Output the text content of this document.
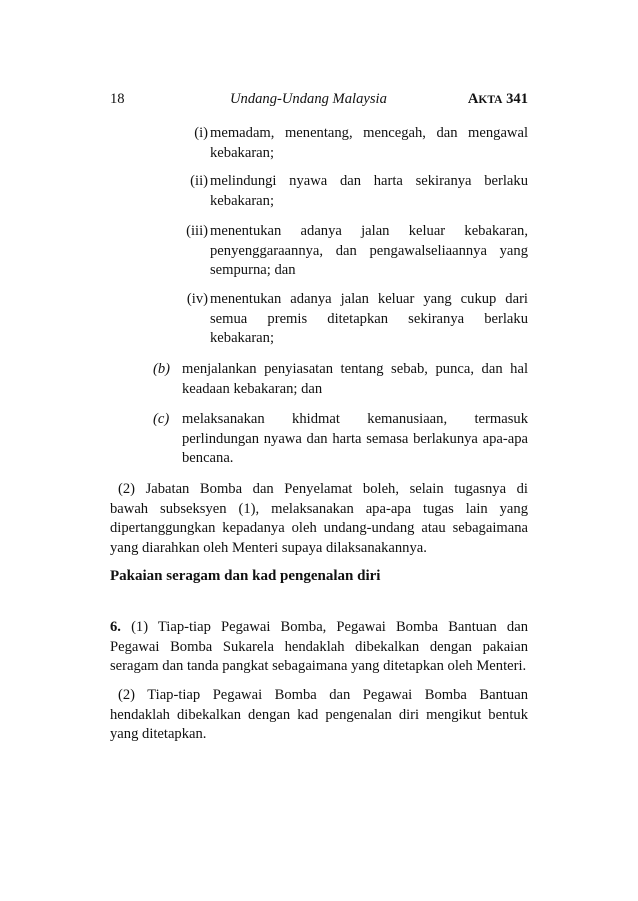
18	Undang-Undang Malaysia	AKTA 341
(i) memadam, menentang, mencegah, dan mengawal
kebakaran;
(ii) melindungi nyawa dan harta sekiranya berlaku
kebakaran;
(iii) menentukan adanya jalan keluar kebakaran,
penyenggaraannya, dan pengawalseliaannya yang
sempurna; dan
(iv) menentukan adanya jalan keluar yang cukup dari
semua premis ditetapkan sekiranya berlaku
kebakaran;
(b) menjalankan penyiasatan tentang sebab, punca, dan hal
keadaan kebakaran; dan
(c) melaksanakan khidmat kemanusiaan, termasuk
perlindungan nyawa dan harta semasa berlakunya apa-apa
bencana.
(2) Jabatan Bomba dan Penyelamat boleh, selain tugasnya di
bawah subseksyen (1), melaksanakan apa-apa tugas lain yang
dipertanggungkan kepadanya oleh undang-undang atau sebagaimana
yang diarahkan oleh Menteri supaya dilaksanakannya.
Pakaian seragam dan kad pengenalan diri
6. (1) Tiap-tiap Pegawai Bomba, Pegawai Bomba Bantuan dan
Pegawai Bomba Sukarela hendaklah dibekalkan dengan pakaian
seragam dan tanda pangkat sebagaimana yang ditetapkan oleh Menteri.
(2) Tiap-tiap Pegawai Bomba dan Pegawai Bomba Bantuan
hendaklah dibekalkan dengan kad pengenalan diri mengikut bentuk
yang ditetapkan.
